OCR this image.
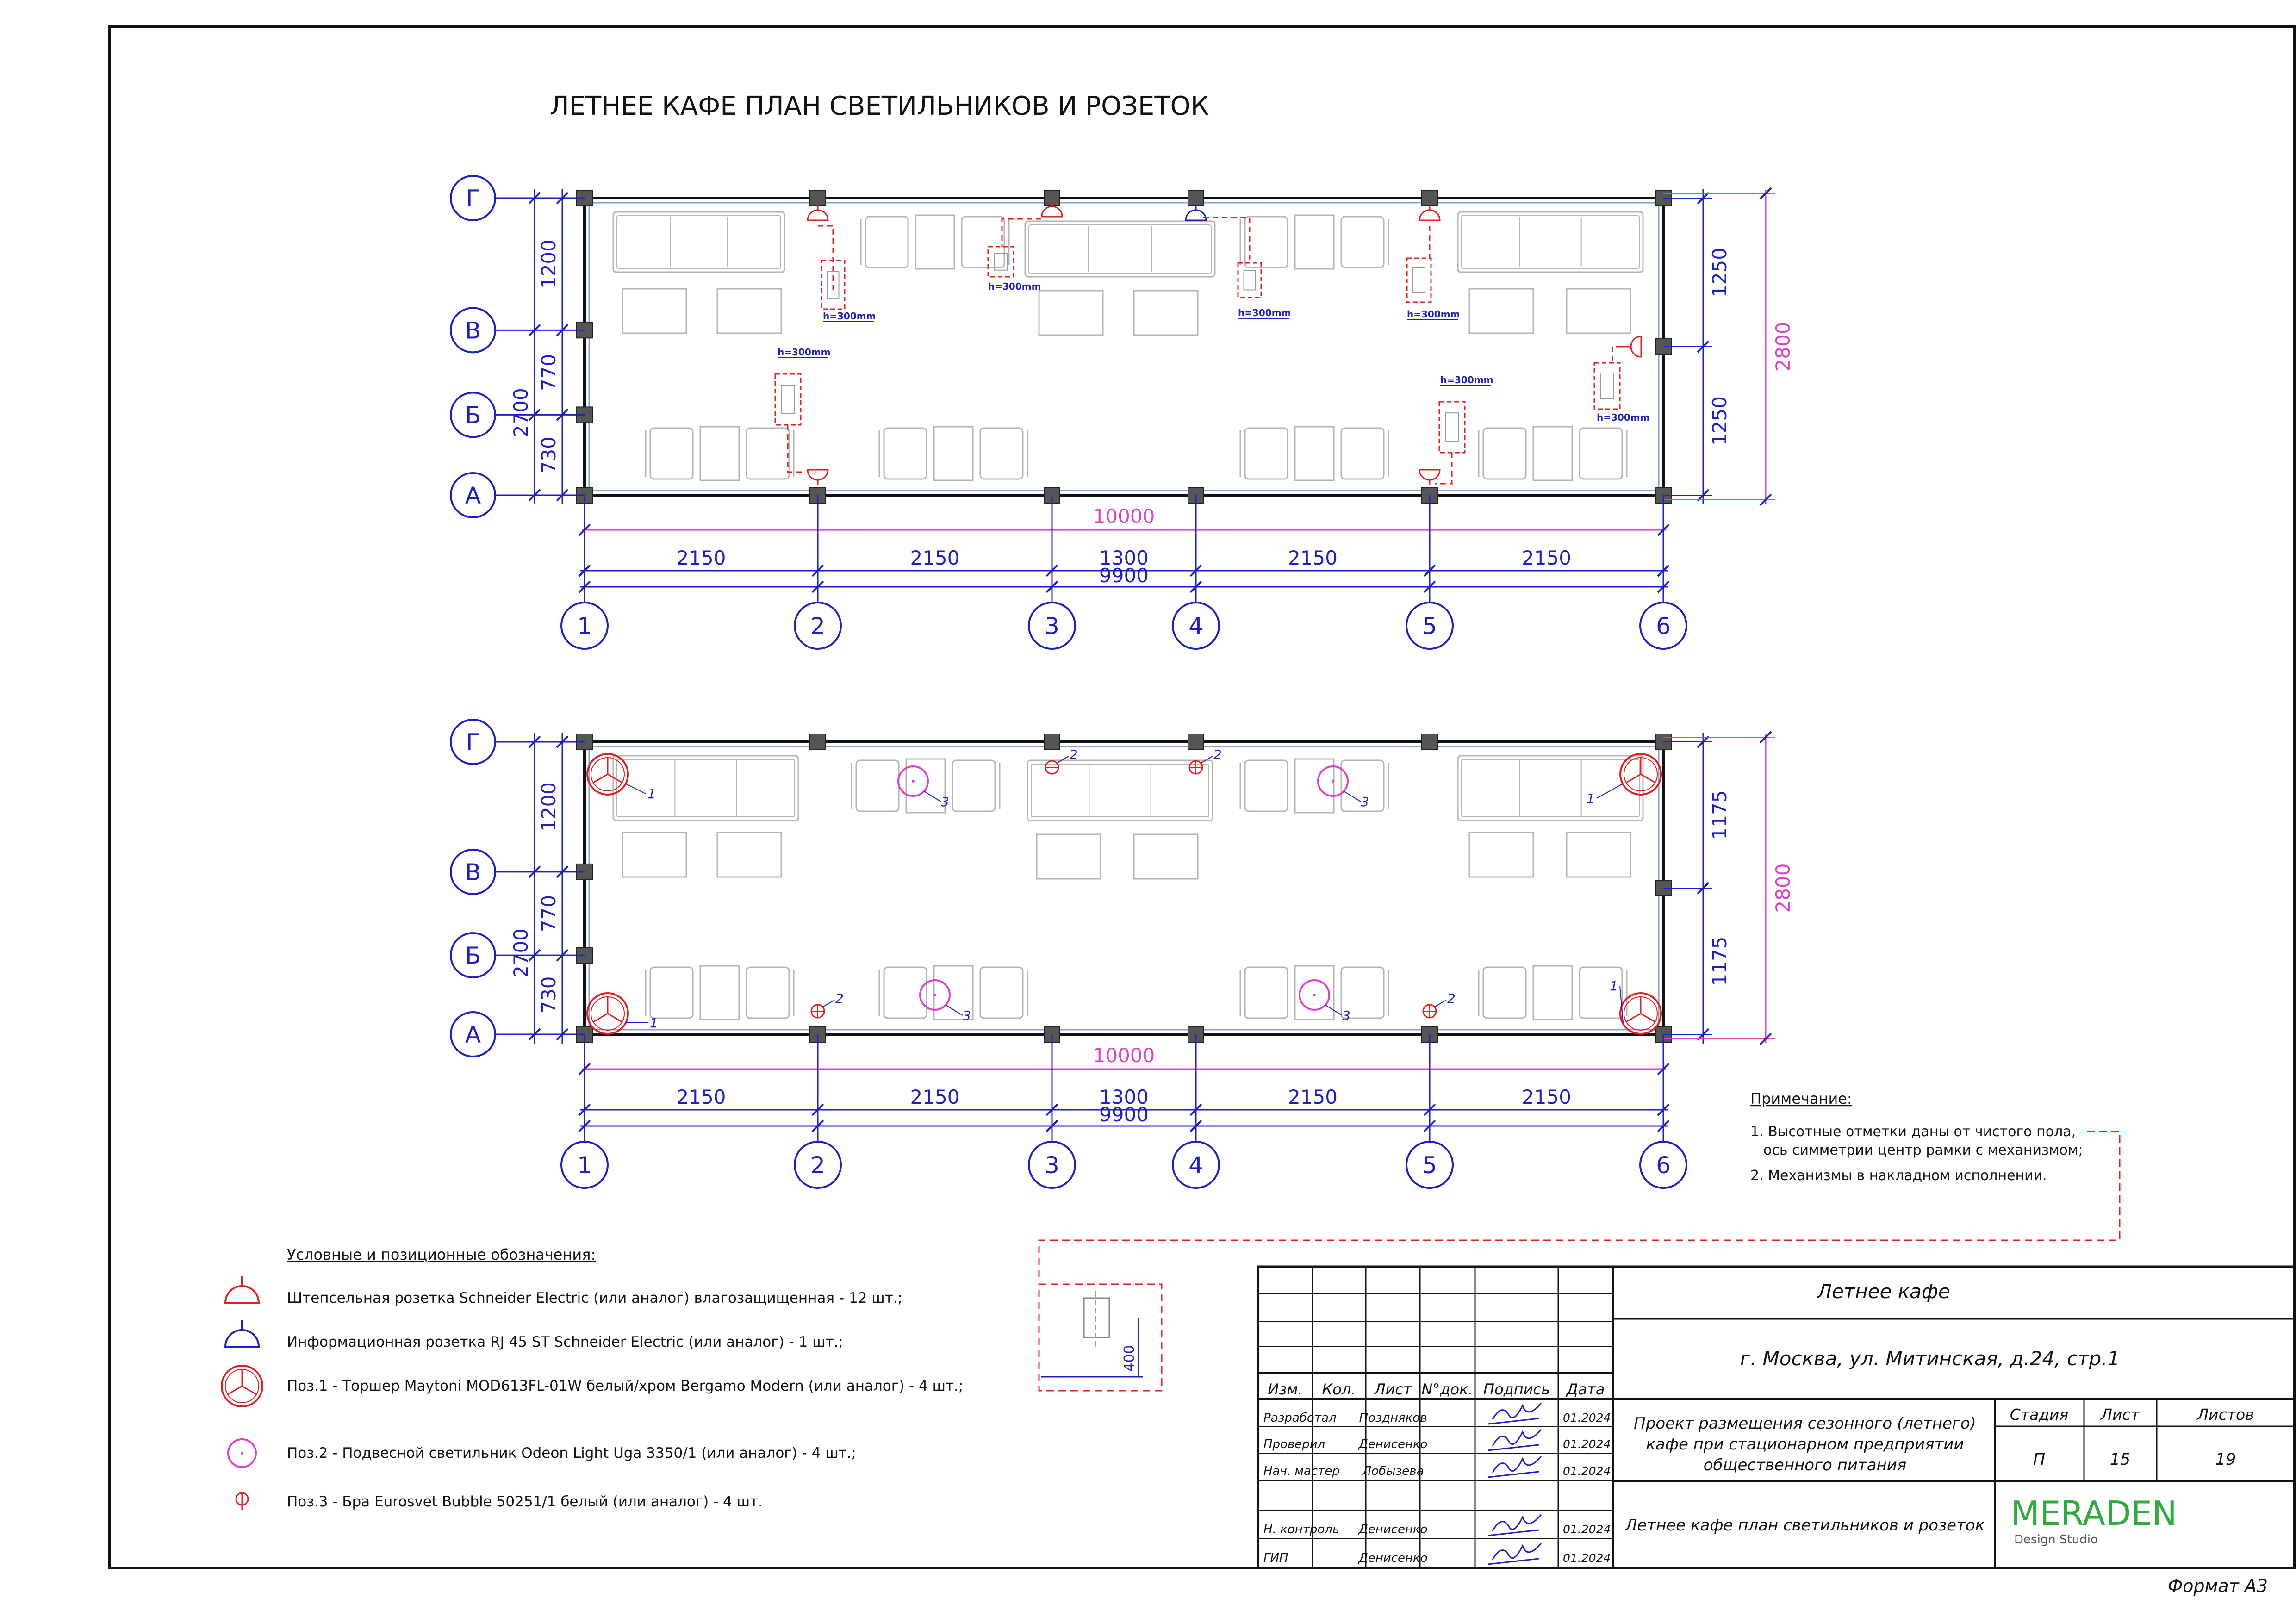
ЛЕТНЕЕ КАФЕ ПЛАН СВЕТИЛЬНИКОВ И РОЗЕТОК
Г
В
Б
А
1200
770
730
2700
1250
1250
2800
10000
2150	2150	1300	2150	2150
9900
1	2	3	4	5	6
h=300mm
h=300mm
h=300mm	h=300mm
h=300mm
h=300mm
h=300mm
Г
В
Б
А
1200
770
730
2700
1175
1175
2800
10000
2150	2150	1300	2150	2150
9900
1	2	3	4	5	6
1
3
2	2
3	1
1
2
3	3
2
1
Примечание:
1. Высотные отметки даны от чистого пола,
ось симметрии центр рамки с механизмом;
2. Механизмы в накладном исполнении.
400
Условные и позиционные обозначения:
Штепсельная розетка Schneider Electric (или аналог) влагозащищенная - 12 шт.;
Информационная розетка RJ 45 ST Schneider Electric (или аналог) - 1 шт.;
Поз.1 - Торшер Maytoni MOD613FL-01W белый/хром Bergamo Modern (или аналог) - 4 шт.;
Поз.2 - Подвесной светильник Odeon Light Uga 3350/1 (или аналог) - 4 шт.;
Поз.3 - Бра Eurosvet Bubble 50251/1 белый (или аналог) - 4 шт.
Летнее кафе
г. Москва, ул. Митинская, д.24, стр.1
Изм. Кол. Лист N°док. Подпись Дата
Разработал Поздняков	01.2024
Проверил	Денисенко	01.2024
Нач. мастер Лобызева	01.2024
Н. контроль Денисенко	01.2024
ГИП	Денисенко	01.2024
Проект размещения сезонного (летнего)
кафе при стационарном предприятии
общественного питания
Стадия Лист	Листов
П	15	19
Летнее кафе план светильников и розеток MERADEN
Design Studio
Формат А3
